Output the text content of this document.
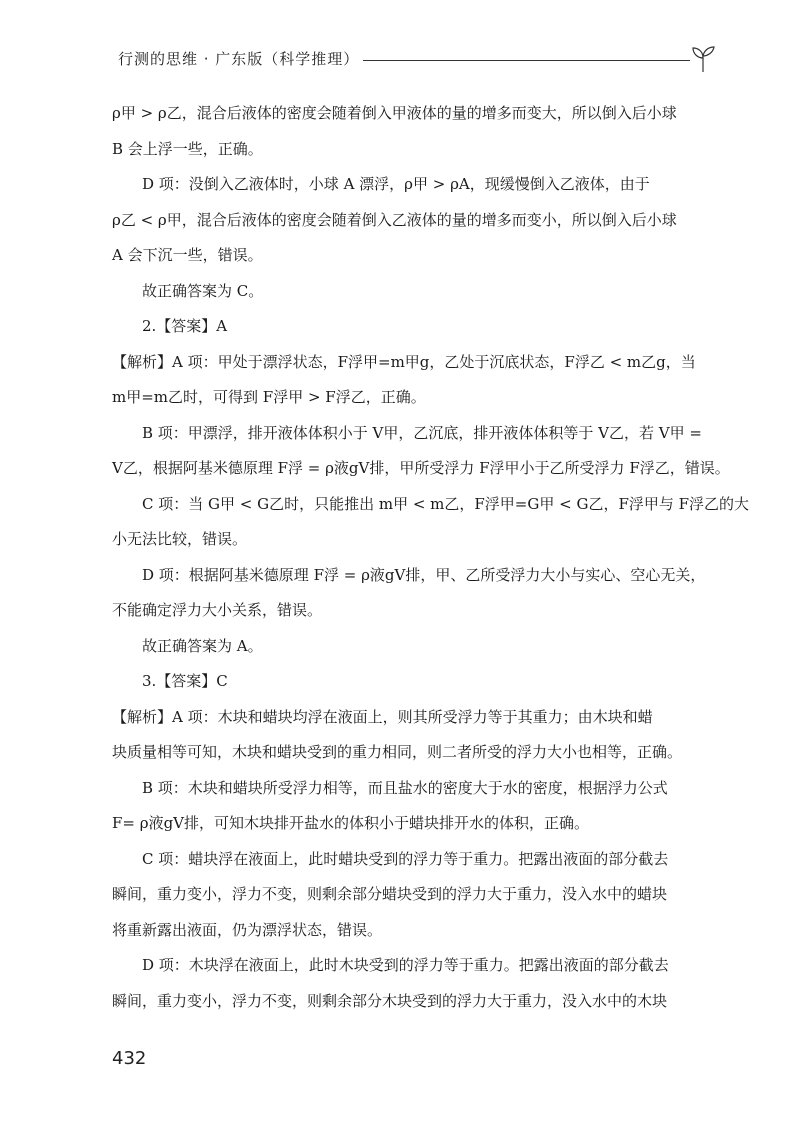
行测的思维 · 广东版（科学推理）
ρ甲 > ρ乙，混合后液体的密度会随着倒入甲液体的量的增多而变大，所以倒入后小球
B 会上浮一些，正确。
D 项：没倒入乙液体时，小球 A 漂浮，ρ甲 > ρA，现缓慢倒入乙液体，由于
ρ乙 < ρ甲，混合后液体的密度会随着倒入乙液体的量的增多而变小，所以倒入后小球
A 会下沉一些，错误。
故正确答案为 C。
2.【答案】A
【解析】A 项：甲处于漂浮状态，F浮甲=m甲g，乙处于沉底状态，F浮乙 < m乙g，当
m甲=m乙时，可得到 F浮甲 > F浮乙，正确。
B 项：甲漂浮，排开液体体积小于 V甲，乙沉底，排开液体体积等于 V乙，若 V甲 =
V乙，根据阿基米德原理 F浮 = ρ液gV排，甲所受浮力 F浮甲小于乙所受浮力 F浮乙，错误。
C 项：当 G甲 < G乙时，只能推出 m甲 < m乙，F浮甲=G甲 < G乙，F浮甲与 F浮乙的大
小无法比较，错误。
D 项：根据阿基米德原理 F浮 = ρ液gV排，甲、乙所受浮力大小与实心、空心无关，
不能确定浮力大小关系，错误。
故正确答案为 A。
3.【答案】C
【解析】A 项：木块和蜡块均浮在液面上，则其所受浮力等于其重力；由木块和蜡
块质量相等可知，木块和蜡块受到的重力相同，则二者所受的浮力大小也相等，正确。
B 项：木块和蜡块所受浮力相等，而且盐水的密度大于水的密度，根据浮力公式
F= ρ液gV排，可知木块排开盐水的体积小于蜡块排开水的体积，正确。
C 项：蜡块浮在液面上，此时蜡块受到的浮力等于重力。把露出液面的部分截去
瞬间，重力变小，浮力不变，则剩余部分蜡块受到的浮力大于重力，没入水中的蜡块
将重新露出液面，仍为漂浮状态，错误。
D 项：木块浮在液面上，此时木块受到的浮力等于重力。把露出液面的部分截去
瞬间，重力变小，浮力不变，则剩余部分木块受到的浮力大于重力，没入水中的木块
432
